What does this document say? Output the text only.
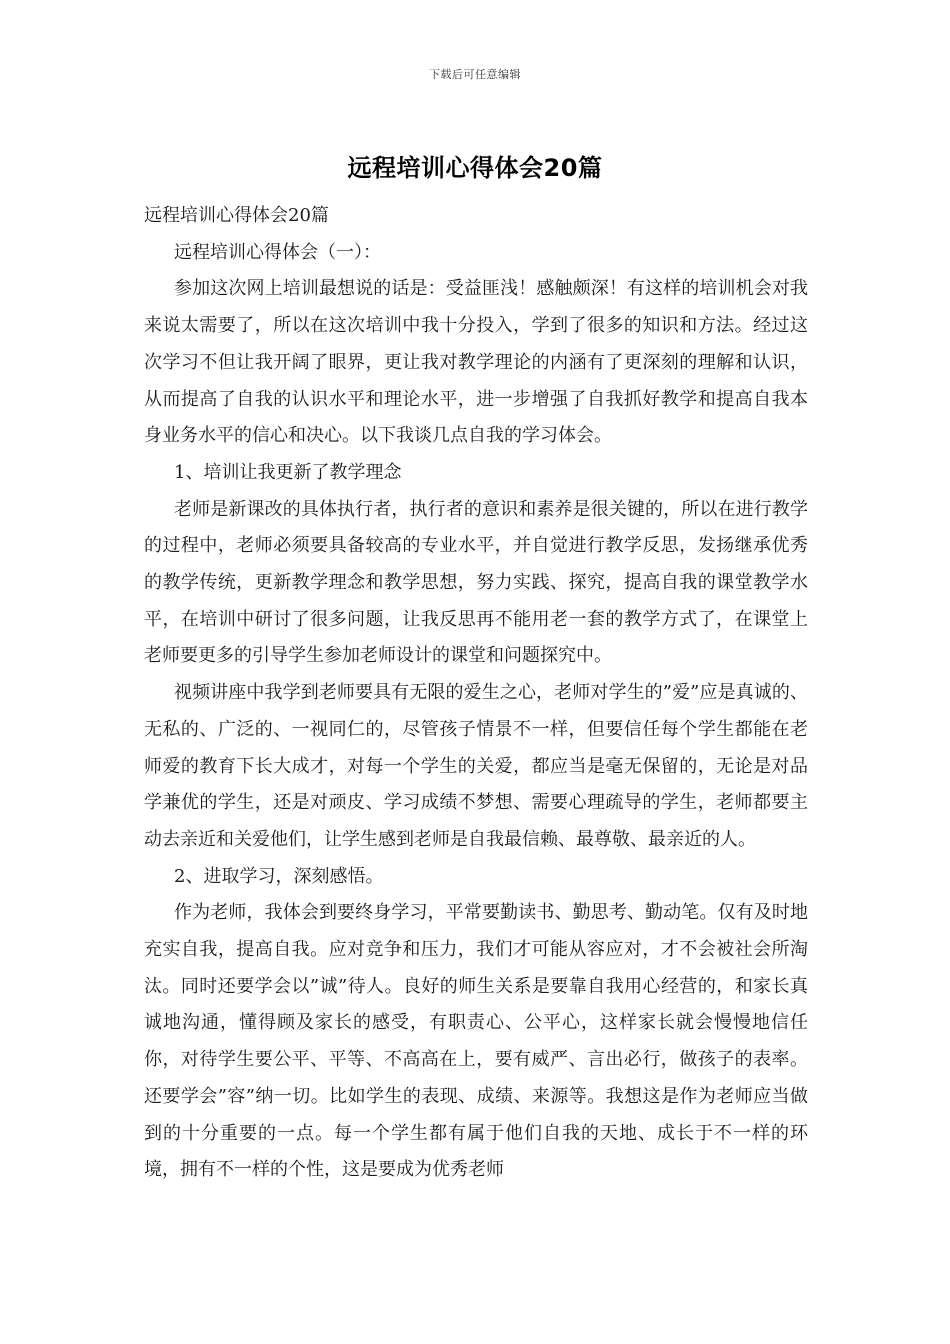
下载后可任意编辑
远程培训心得体会20篇

远程培训心得体会20篇

远程培训心得体会（一）：

参加这次网上培训最想说的话是：受益匪浅！感触颇深！有这样的培训机会对我来说太需要了，所以在这次培训中我十分投入，学到了很多的知识和方法。经过这次学习不但让我开阔了眼界，更让我对教学理论的内涵有了更深刻的理解和认识，从而提高了自我的认识水平和理论水平，进一步增强了自我抓好教学和提高自我本身业务水平的信心和决心。以下我谈几点自我的学习体会。

1、培训让我更新了教学理念

老师是新课改的具体执行者，执行者的意识和素养是很关键的，所以在进行教学的过程中，老师必须要具备较高的专业水平，并自觉进行教学反思，发扬继承优秀的教学传统，更新教学理念和教学思想，努力实践、探究，提高自我的课堂教学水平，在培训中研讨了很多问题，让我反思再不能用老一套的教学方式了，在课堂上老师要更多的引导学生参加老师设计的课堂和问题探究中。

视频讲座中我学到老师要具有无限的爱生之心，老师对学生的”爱”应是真诚的、无私的、广泛的、一视同仁的，尽管孩子情景不一样，但要信任每个学生都能在老师爱的教育下长大成才，对每一个学生的关爱，都应当是毫无保留的，无论是对品学兼优的学生，还是对顽皮、学习成绩不梦想、需要心理疏导的学生，老师都要主动去亲近和关爱他们，让学生感到老师是自我最信赖、最尊敬、最亲近的人。

2、进取学习，深刻感悟。

作为老师，我体会到要终身学习，平常要勤读书、勤思考、勤动笔。仅有及时地充实自我，提高自我。应对竞争和压力，我们才可能从容应对，才不会被社会所淘汰。同时还要学会以”诚”待人。良好的师生关系是要靠自我用心经营的，和家长真诚地沟通，懂得顾及家长的感受，有职责心、公平心，这样家长就会慢慢地信任你，对待学生要公平、平等、不高高在上，要有威严、言出必行，做孩子的表率。还要学会”容”纳一切。比如学生的表现、成绩、来源等。我想这是作为老师应当做到的十分重要的一点。每一个学生都有属于他们自我的天地、成长于不一样的环境，拥有不一样的个性，这是要成为优秀老师
